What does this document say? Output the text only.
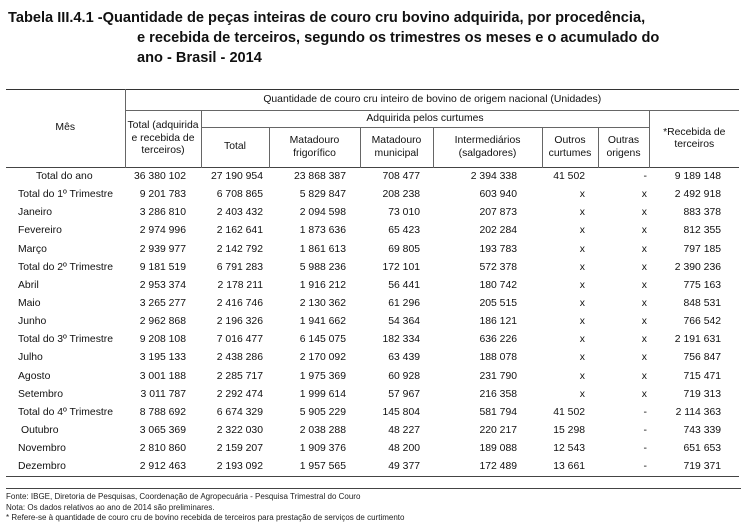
Tabela III.4.1 - Quantidade de peças inteiras de couro cru bovino adquirida, por procedência,
e recebida de terceiros, segundo os trimestres os meses e o acumulado do
ano - Brasil - 2014
Mês	Quantidade de couro cru inteiro de bovino de origem nacional (Unidades)							
	Total (adquirida e recebida de terceiros)	Adquirida pelos curtumes						*Recebida de terceiros
		Total	Matadouro frigorífico	Matadouro municipal	Intermediários (salgadores)	Outros curtumes	Outras origens	
Total do ano	36 380 102	27 190 954	23 868 387	708 477	2 394 338	41 502	-	9 189 148
Total do 1º Trimestre	9 201 783	6 708 865	5 829 847	208 238	603 940	x	x	2 492 918
Janeiro	3 286 810	2 403 432	2 094 598	73 010	207 873	x	x	883 378
Fevereiro	2 974 996	2 162 641	1 873 636	65 423	202 284	x	x	812 355
Março	2 939 977	2 142 792	1 861 613	69 805	193 783	x	x	797 185
Total do 2º Trimestre	9 181 519	6 791 283	5 988 236	172 101	572 378	x	x	2 390 236
Abril	2 953 374	2 178 211	1 916 212	56 441	180 742	x	x	775 163
Maio	3 265 277	2 416 746	2 130 362	61 296	205 515	x	x	848 531
Junho	2 962 868	2 196 326	1 941 662	54 364	186 121	x	x	766 542
Total do 3º Trimestre	9 208 108	7 016 477	6 145 075	182 334	636 226	x	x	2 191 631
Julho	3 195 133	2 438 286	2 170 092	63 439	188 078	x	x	756 847
Agosto	3 001 188	2 285 717	1 975 369	60 928	231 790	x	x	715 471
Setembro	3 011 787	2 292 474	1 999 614	57 967	216 358	x	x	719 313
Total do 4º Trimestre	8 788 692	6 674 329	5 905 229	145 804	581 794	41 502	-	2 114 363
Outubro	3 065 369	2 322 030	2 038 288	48 227	220 217	15 298	-	743 339
Novembro	2 810 860	2 159 207	1 909 376	48 200	189 088	12 543	-	651 653
Dezembro	2 912 463	2 193 092	1 957 565	49 377	172 489	13 661	-	719 371
Fonte: IBGE, Diretoria de Pesquisas, Coordenação de Agropecuária - Pesquisa Trimestral do Couro
Nota: Os dados relativos ao ano de 2014 são preliminares.
* Refere-se à quantidade de couro cru de bovino recebida de terceiros para prestação de serviços de curtimento
